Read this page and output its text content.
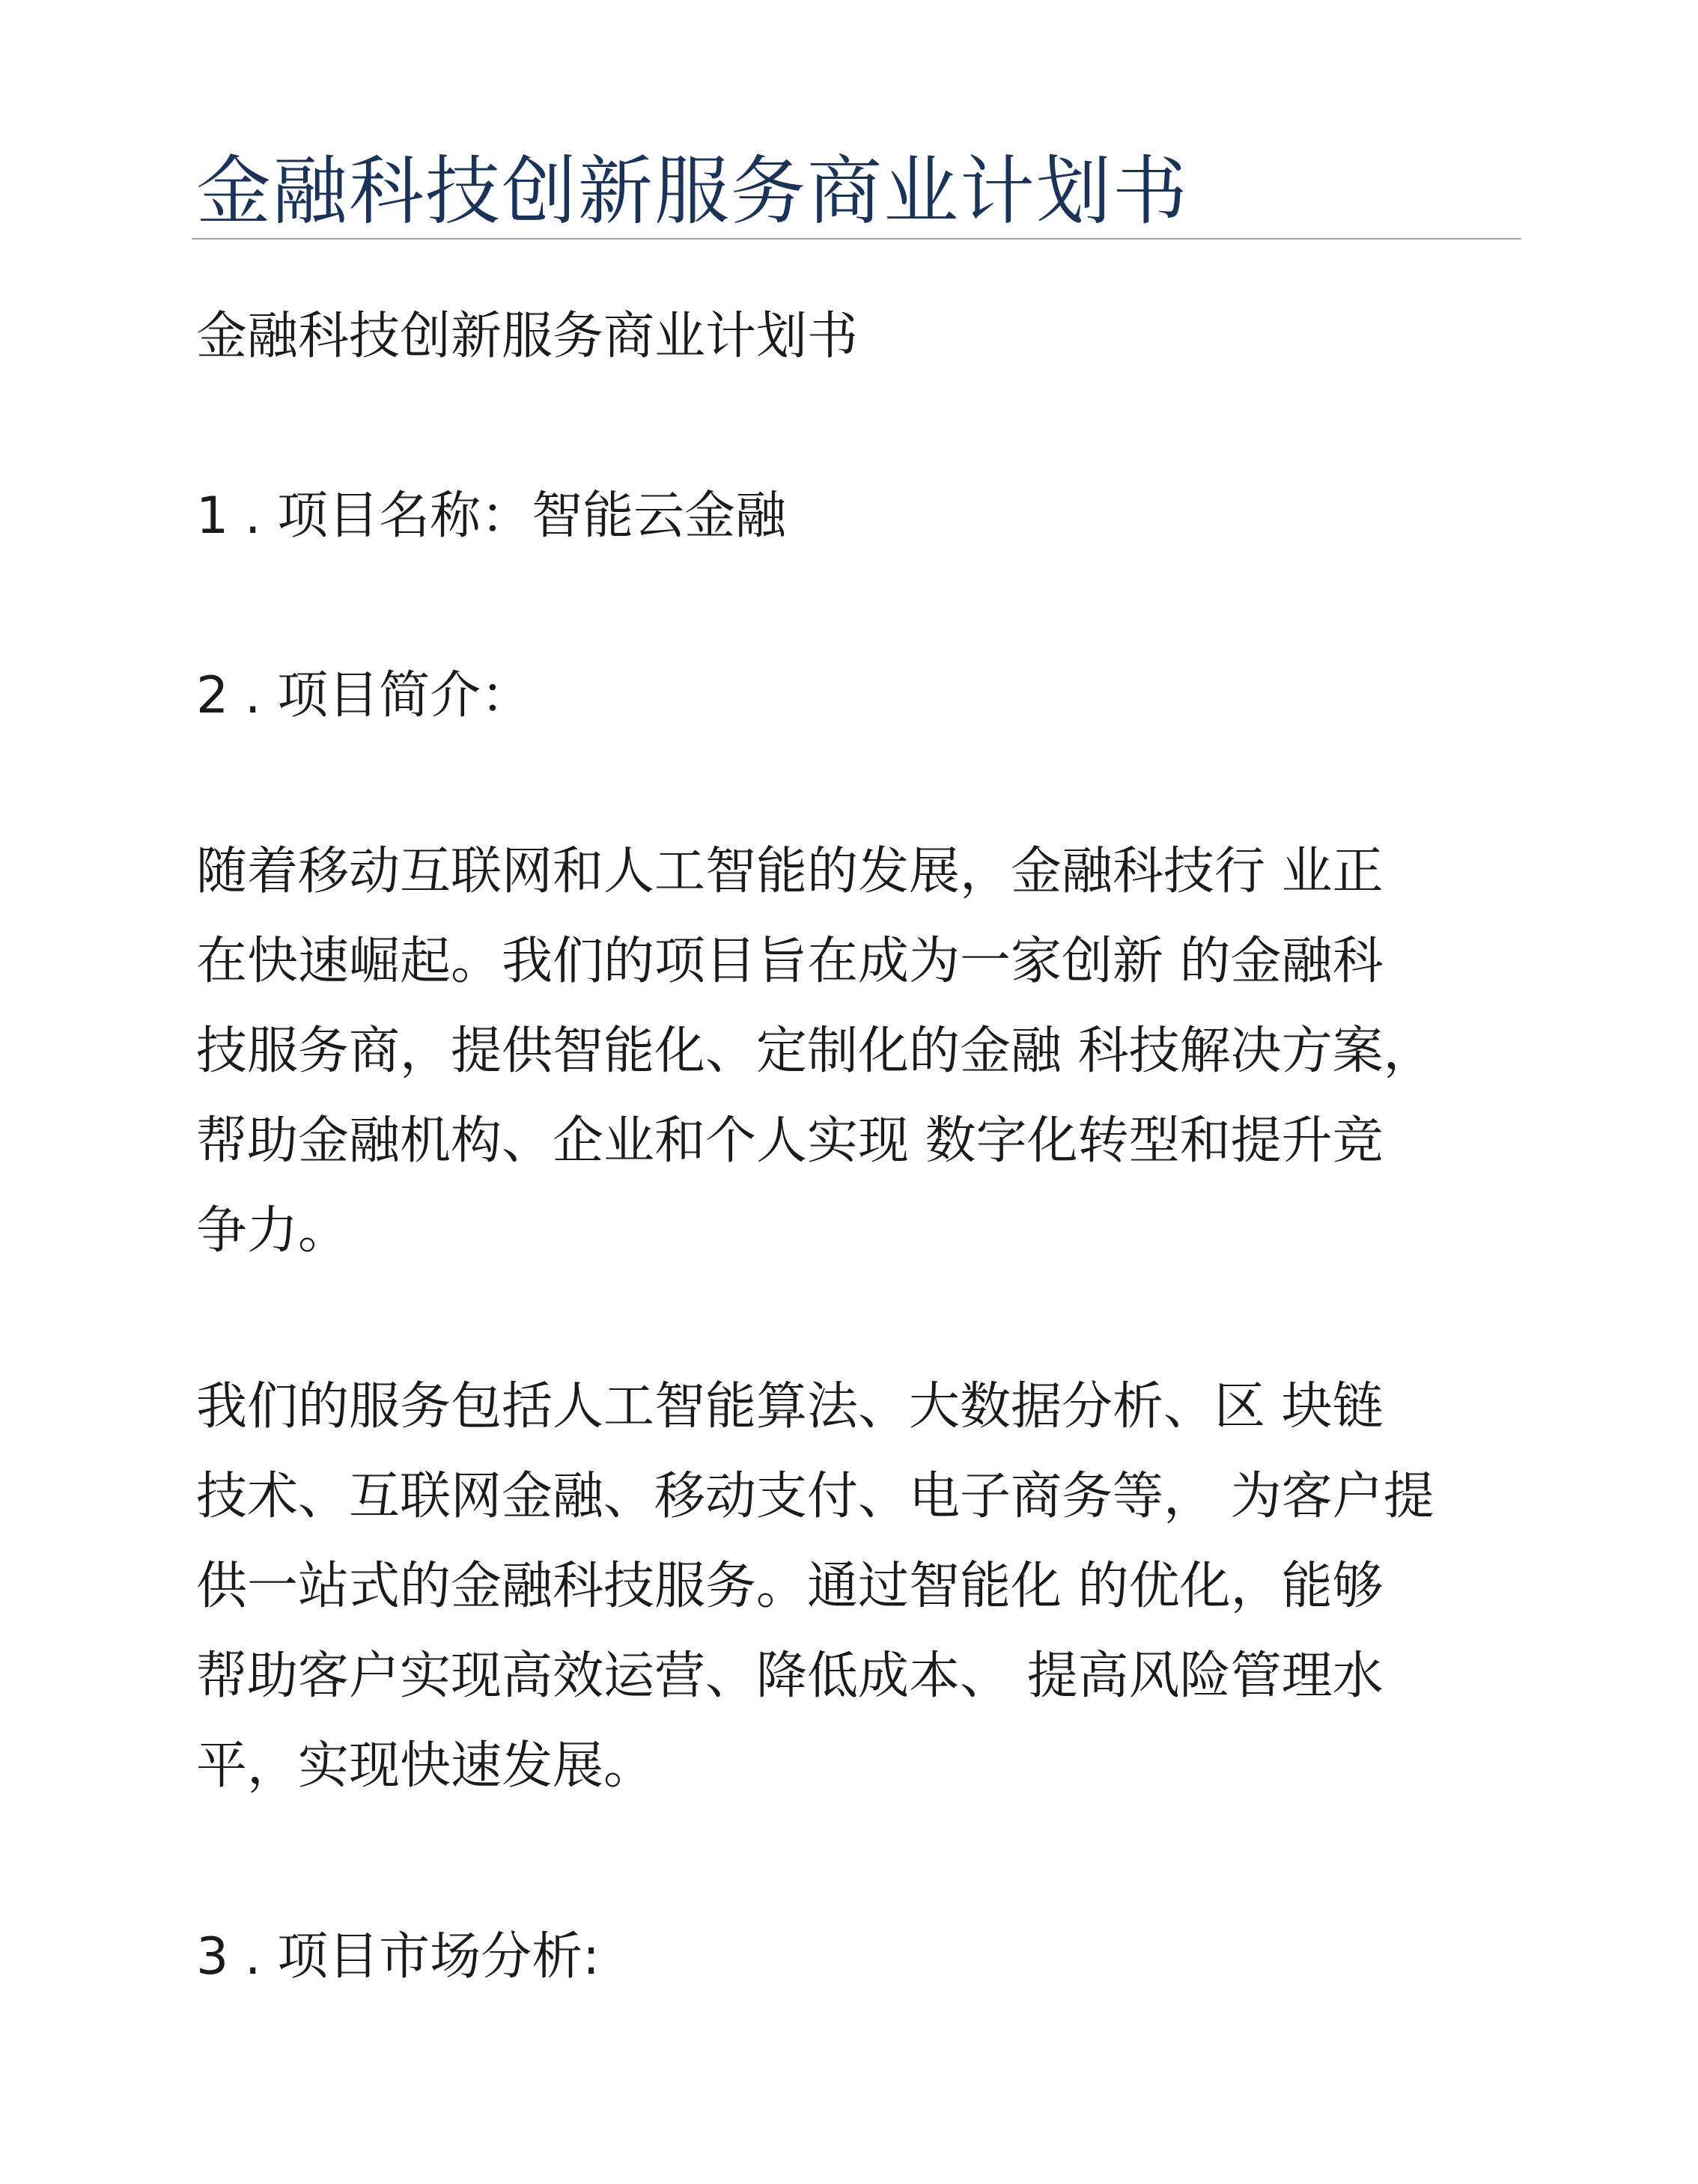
金融科技创新服务商业计划书

金融科技创新服务商业计划书

1 . 项目名称：智能云金融

2 . 项目简介：

随着移动互联网和人工智能的发展，金融科技行 业正
在快速崛起。我们的项目旨在成为一家创新 的金融科
技服务商，提供智能化、定制化的金融 科技解决方案，
帮助金融机构、企业和个人实现 数字化转型和提升竞
争力。

我们的服务包括人工智能算法、大数据分析、区 块链
技术、互联网金融、移动支付、电子商务等， 为客户提
供一站式的金融科技服务。通过智能化 的优化，能够
帮助客户实现高效运营、降低成本、 提高风险管理水
平，实现快速发展。

3 . 项目市场分析:
